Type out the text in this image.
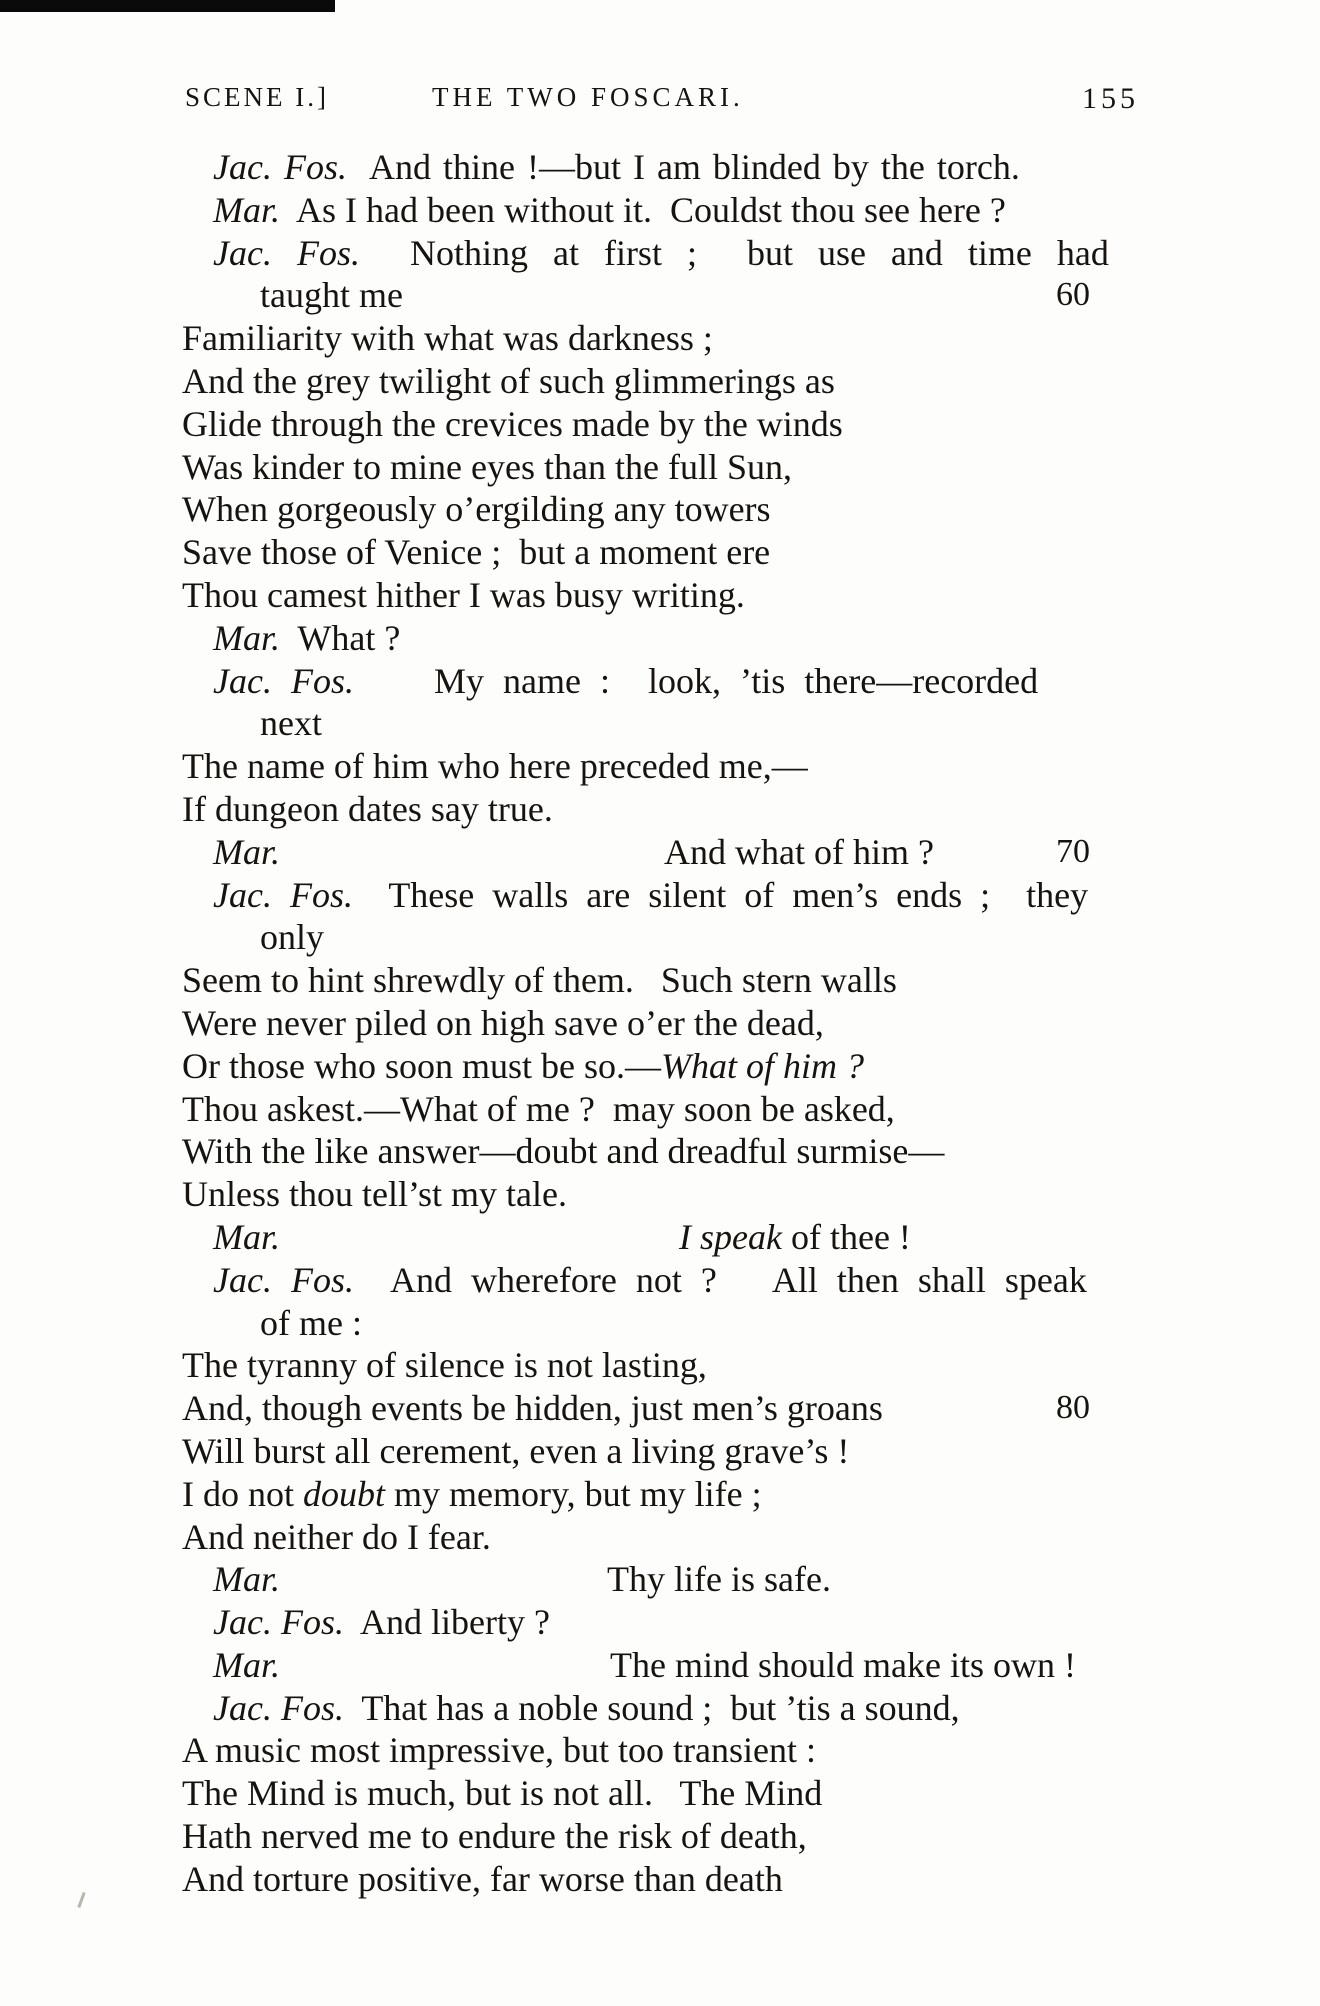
SCENE I.]	THE TWO FOSCARI.	155
Jac. Fos.  And thine !—but I am blinded by the torch.
Mar.  As I had been without it.  Couldst thou see here ?
Jac. Fos.  Nothing at first ;  but use and time had
taught me	60
Familiarity with what was darkness ;
And the grey twilight of such glimmerings as
Glide through the crevices made by the winds
Was kinder to mine eyes than the full Sun,
When gorgeously o’ergilding any towers
Save those of Venice ;  but a moment ere
Thou camest hither I was busy writing.
Mar.  What ?
Jac. Fos. My name :  look, ’tis there—recorded
next
The name of him who here preceded me,—
If dungeon dates say true.
Mar.	And what of him ?	70
Jac. Fos.  These walls are silent of men’s ends ;  they
only
Seem to hint shrewdly of them.   Such stern walls
Were never piled on high save o’er the dead,
Or those who soon must be so.—What of him ?
Thou askest.—What of me ?  may soon be asked,
With the like answer—doubt and dreadful surmise—
Unless thou tell’st my tale.
Mar.	I speak of thee !
Jac. Fos.  And wherefore not ?   All then shall speak
of me :
The tyranny of silence is not lasting,
And, though events be hidden, just men’s groans	80
Will burst all cerement, even a living grave’s !
I do not doubt my memory, but my life ;
And neither do I fear.
Mar.	Thy life is safe.
Jac. Fos.  And liberty ?
Mar.	The mind should make its own !
Jac. Fos.  That has a noble sound ;  but ’tis a sound,
A music most impressive, but too transient :
The Mind is much, but is not all.   The Mind
Hath nerved me to endure the risk of death,
And torture positive, far worse than death
